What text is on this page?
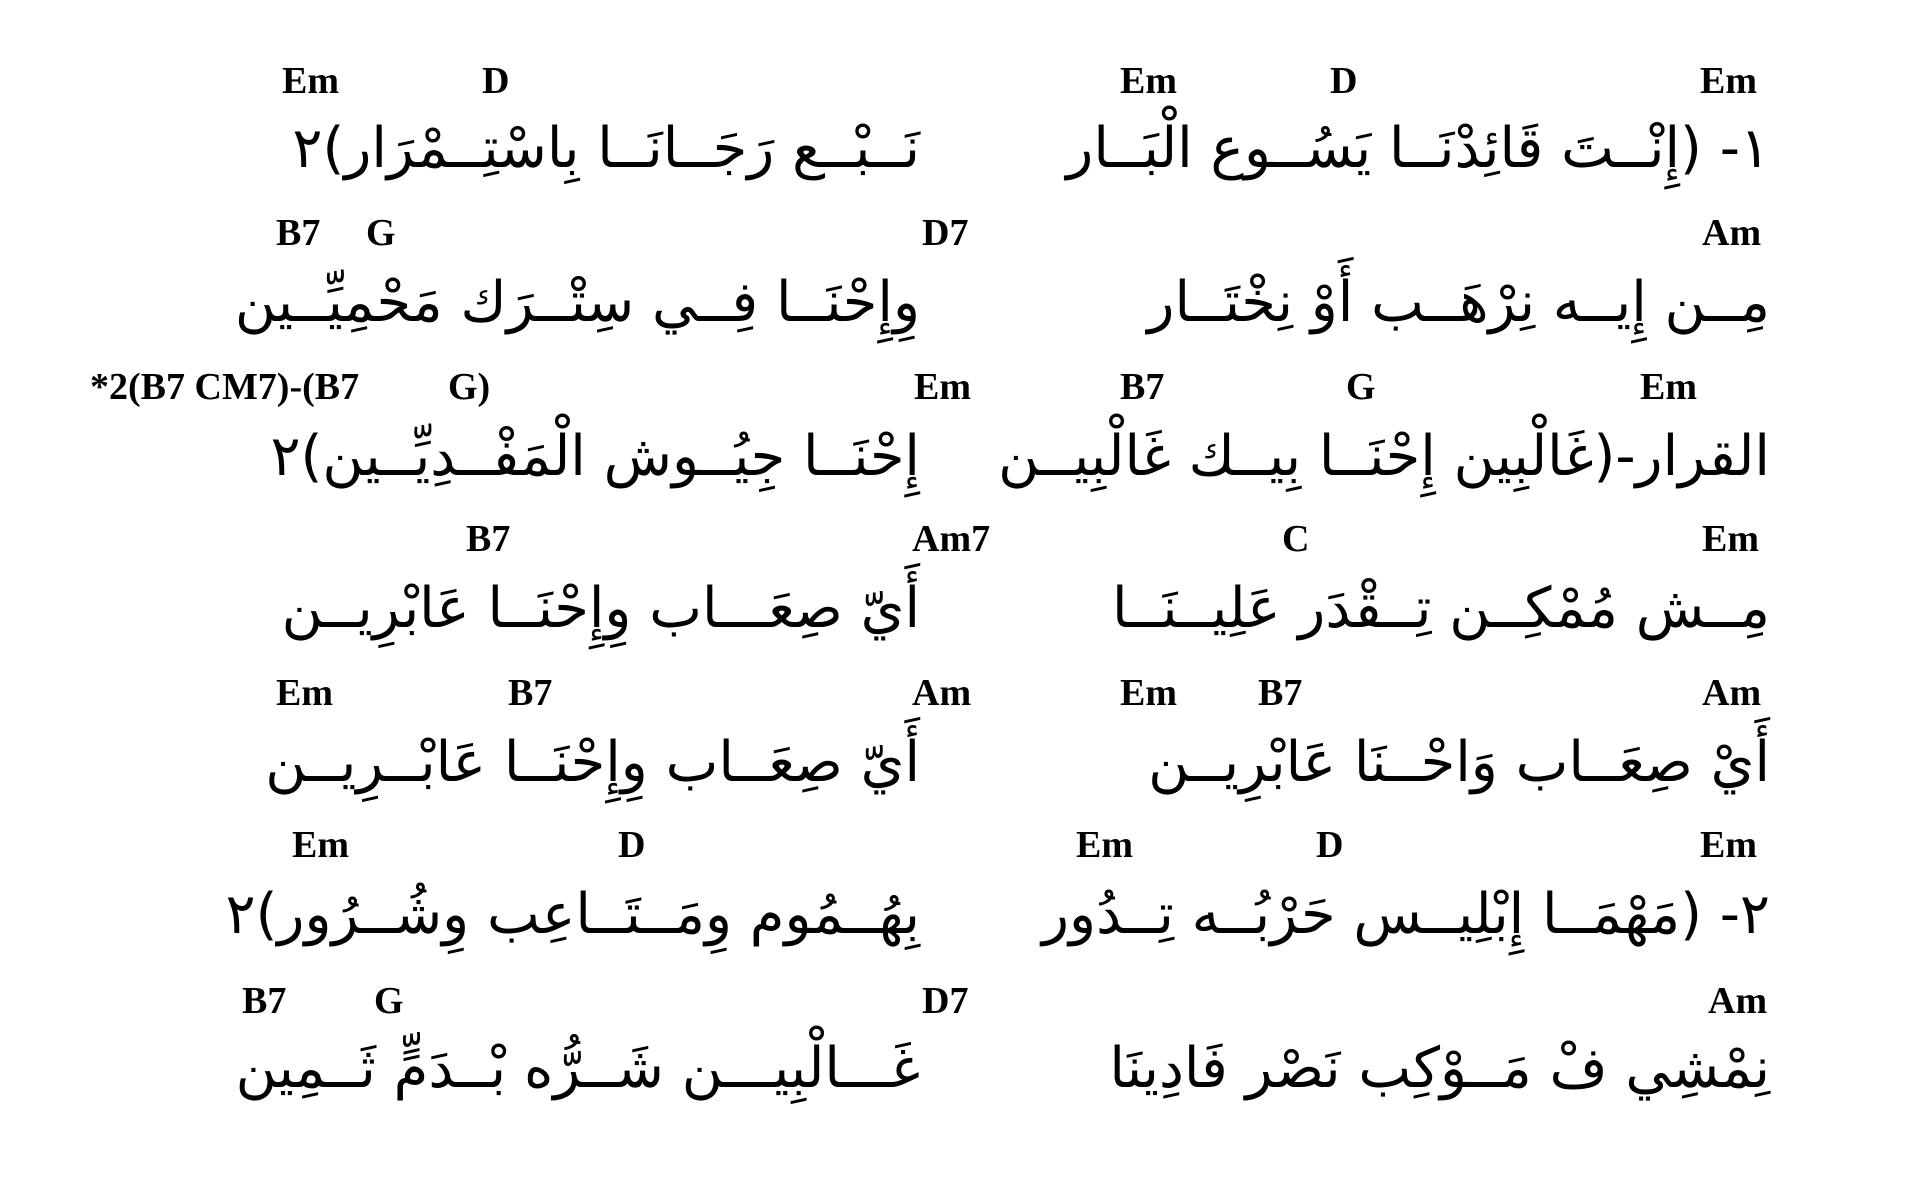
Em	D	Em	D	Em
١- (إِنْــتَ قَائِدْنَــا يَسُــوع الْبَــار
نَــبْــع رَجَــانَــا بِاسْتِــمْرَار)٢
B7 G	D7	Am
مِــن إِيــه نِرْهَــب أَوْ نِخْتَــار
وِإِحْنَــا فِــي سِتْــرَك مَحْمِيِّــين
*2(B7 CM7)-(B7 G)	Em	B7	G	Em
القرار-(غَالْبِين إِحْنَــا بِيــك غَالْبِيــن
إِحْنَــا جِيُــوش الْمَفْــدِيِّــين)٢
B7	Am7	C	Em
مِــش مُمْكِــن تِــقْدَر عَلِيــنَــا
أَيّ صِعَـــاب وِإِحْنَــا عَابْرِيــن
Em	B7	Am	Em B7	Am
أَيْ صِعَــاب وَاحْــنَا عَابْرِيــن
أَيّ صِعَــاب وِإِحْنَــا عَابْــرِيــن
Em	D	Em	D	Em
٢- (مَهْمَــا إِبْلِيــس حَرْبُــه تِــدُور
بِهُــمُوم وِمَــتَــاعِب وِشُــرُور)٢
B7 G	D7	Am
نِمْشِي فْ مَــوْكِب نَصْر فَادِينَا
غَـــالْبِيـــن شَــرُّه بْــدَمٍّ ثَــمِين
